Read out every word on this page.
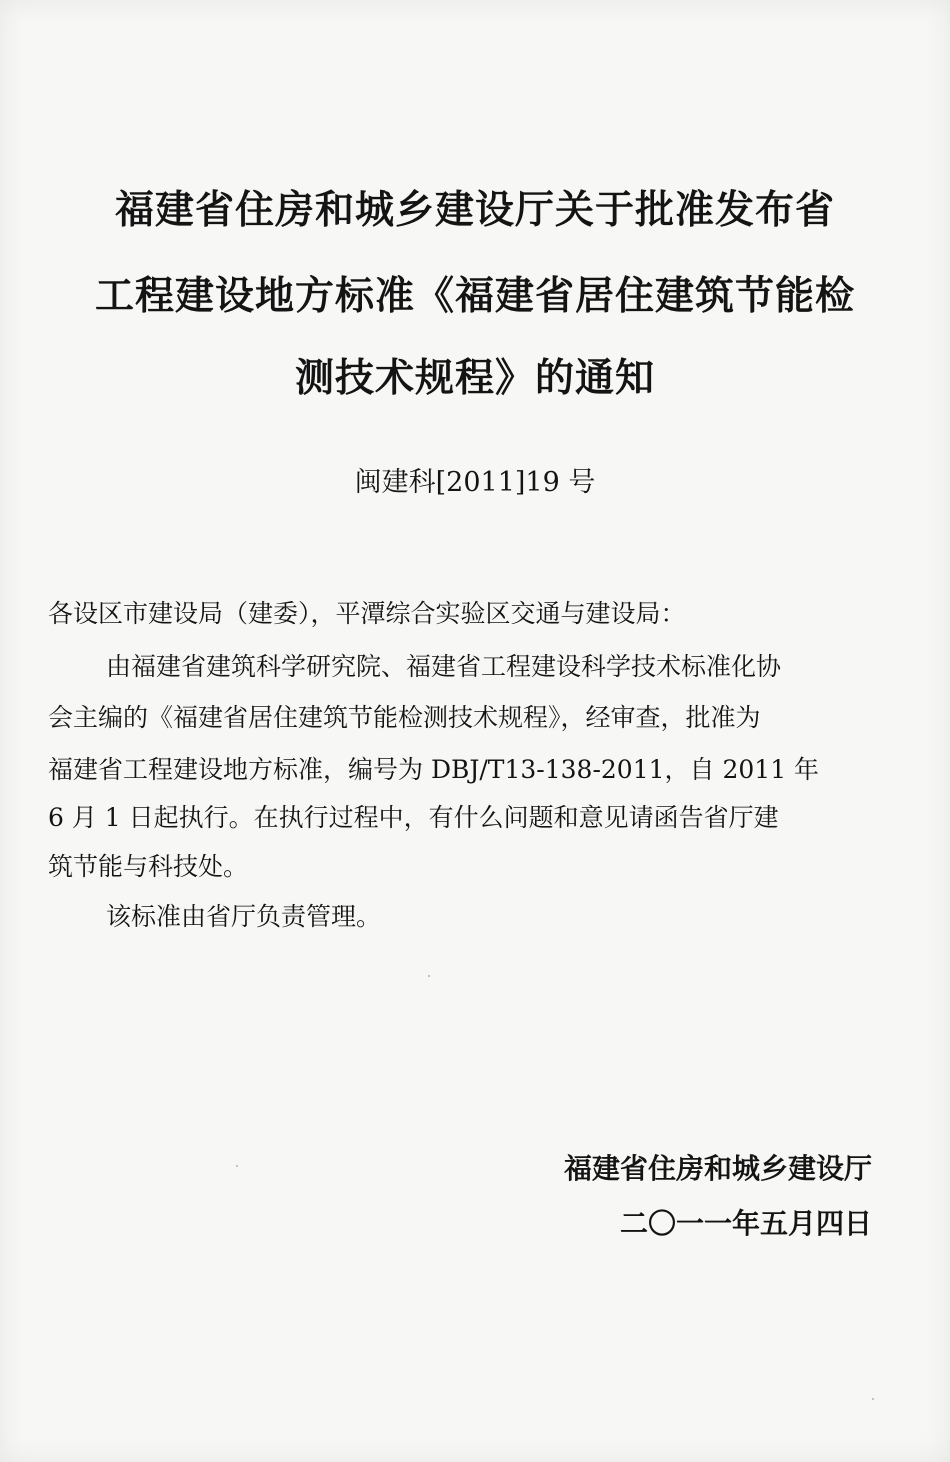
福建省住房和城乡建设厅关于批准发布省
工程建设地方标准《福建省居住建筑节能检
测技术规程》的通知
闽建科[2011]19 号
各设区市建设局（建委），平潭综合实验区交通与建设局：
由福建省建筑科学研究院、福建省工程建设科学技术标准化协
会主编的《福建省居住建筑节能检测技术规程》，经审查，批准为
福建省工程建设地方标准，编号为 DBJ/T13-138-2011，自 2011 年
6 月 1 日起执行。在执行过程中，有什么问题和意见请函告省厅建
筑节能与科技处。
该标准由省厅负责管理。
福建省住房和城乡建设厅
二〇一一年五月四日
